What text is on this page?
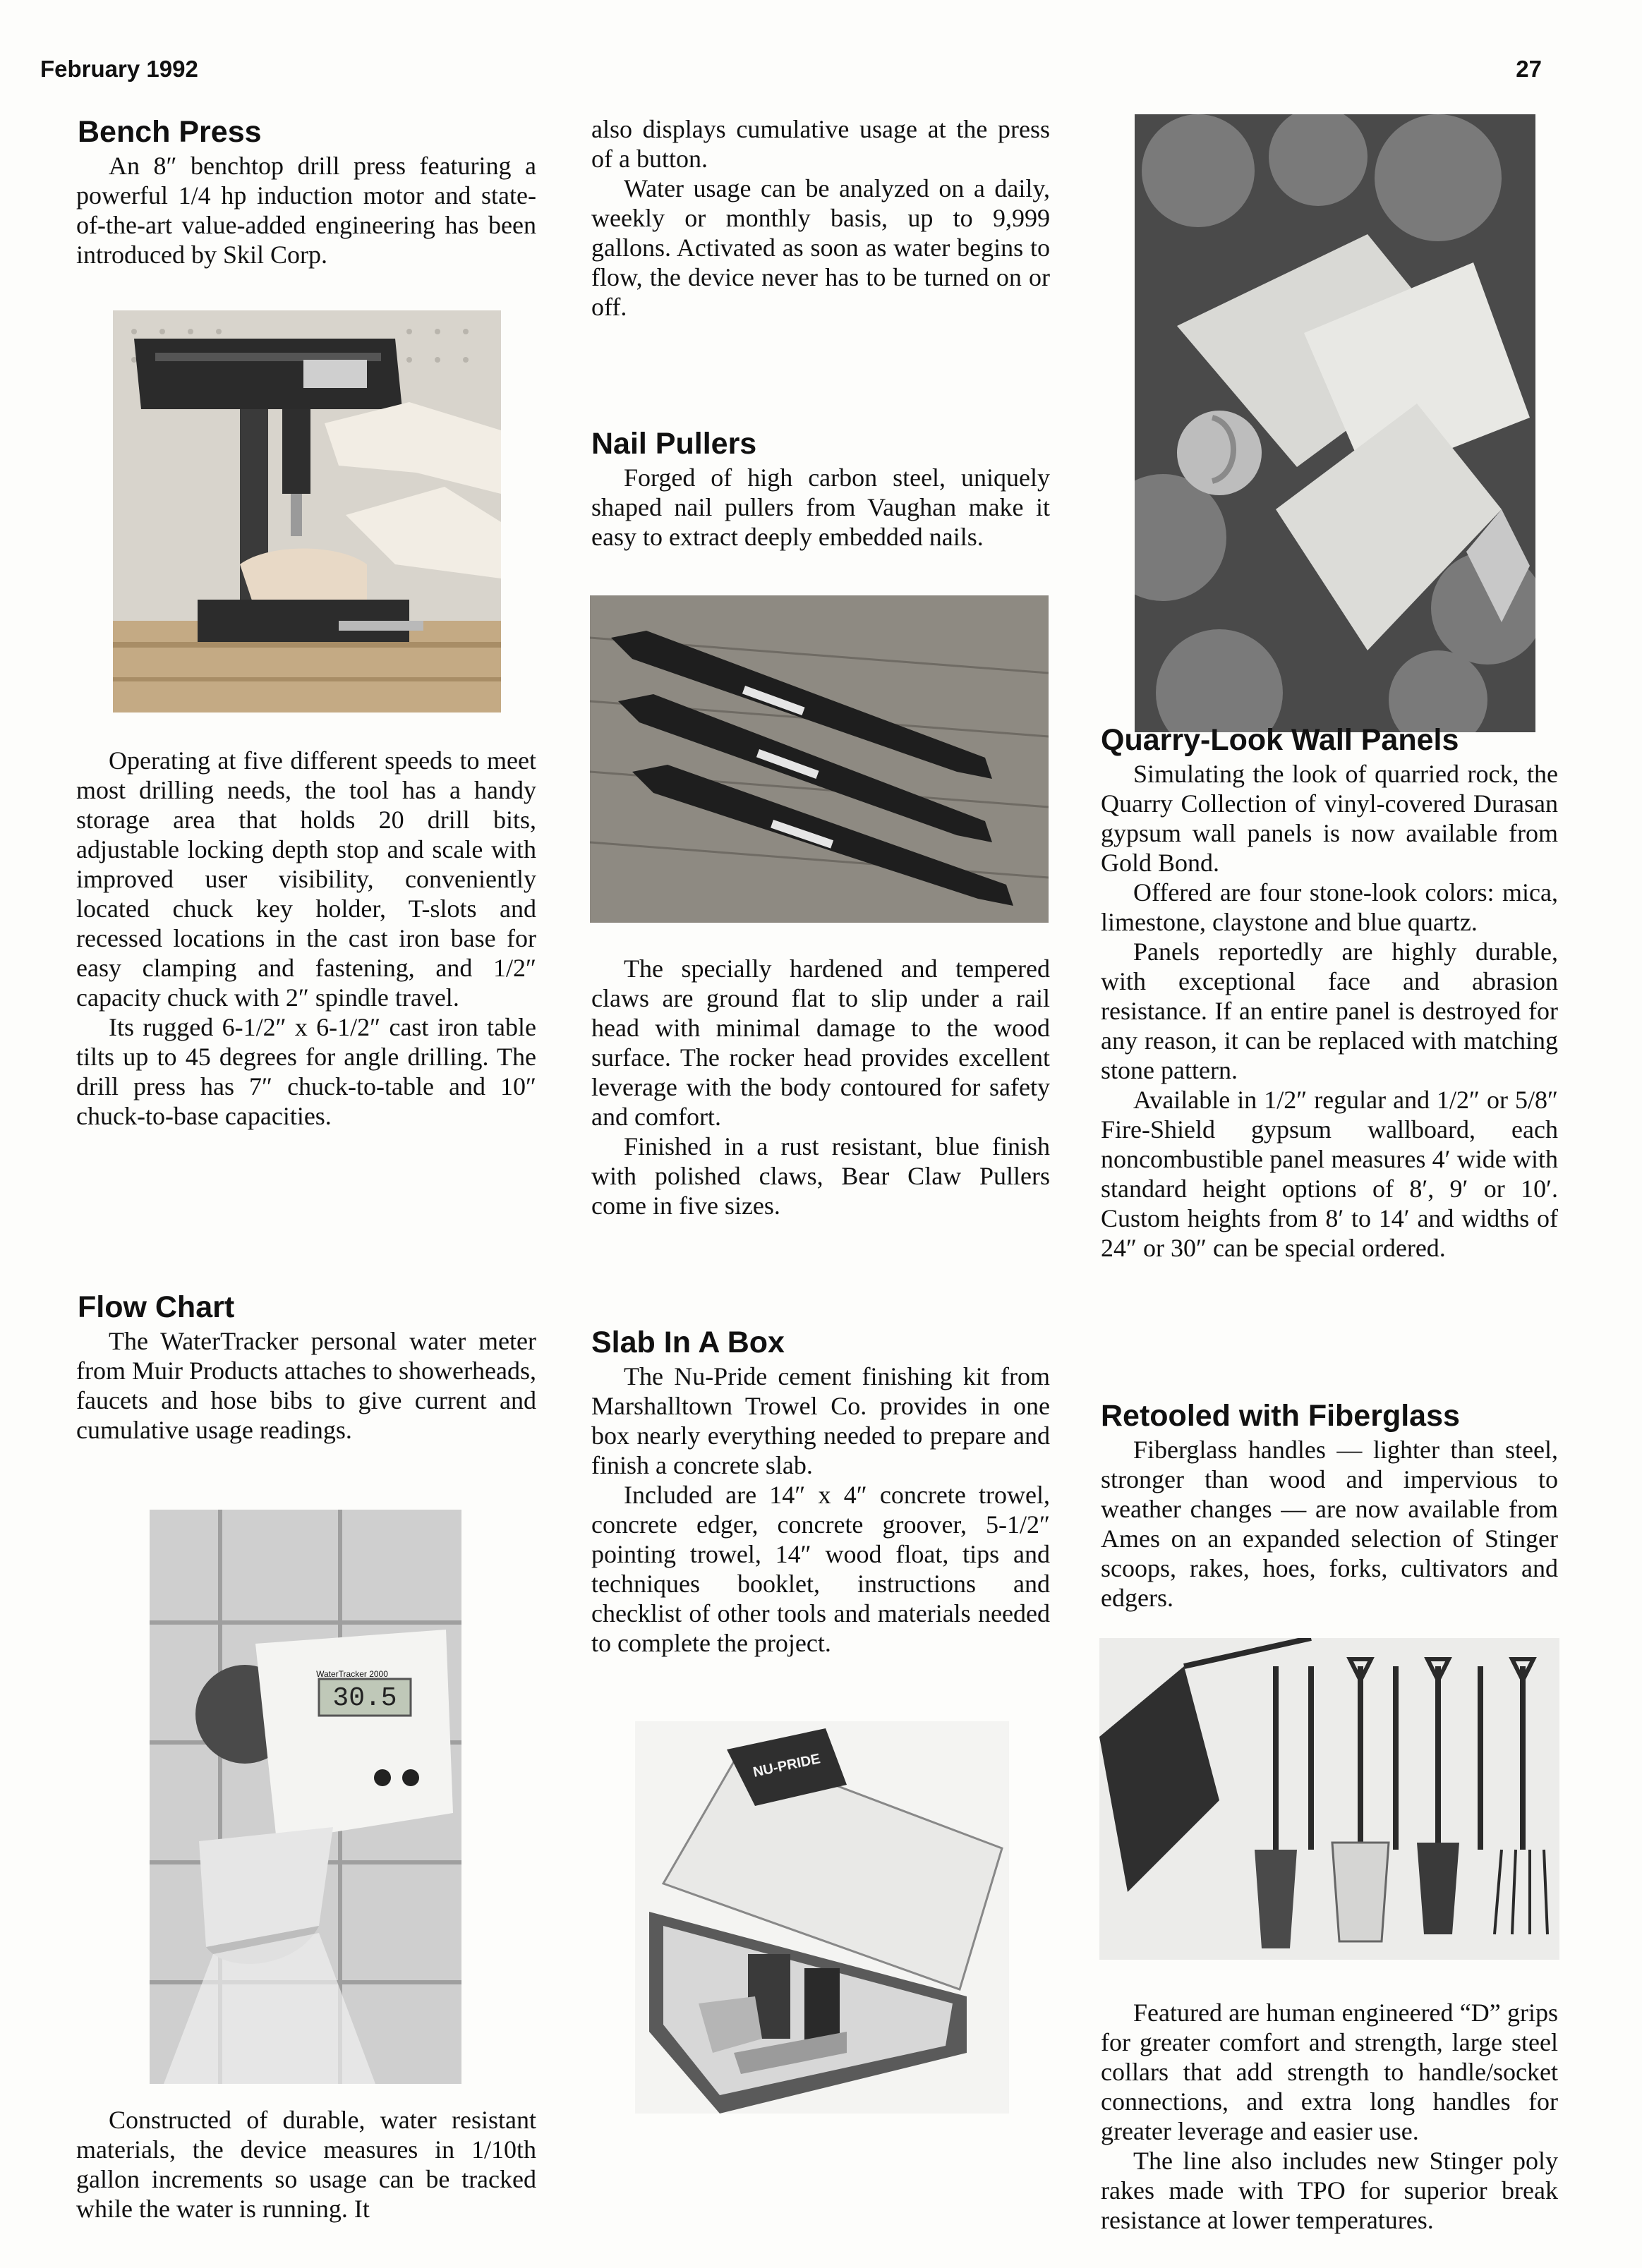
February 1992	27
Bench Press

An 8″ benchtop drill press featuring a powerful 1/4 hp induction motor and state-of-the-art value-added engineering has been introduced by Skil Corp.

Operating at five different speeds to meet most drilling needs, the tool has a handy storage area that holds 20 drill bits, adjustable locking depth stop and scale with improved user visibility, conveniently located chuck key holder, T-slots and recessed locations in the cast iron base for easy clamping and fastening, and 1/2″ capacity chuck with 2″ spindle travel.

Its rugged 6-1/2″ x 6-1/2″ cast iron table tilts up to 45 degrees for angle drilling. The drill press has 7″ chuck-to-table and 10″ chuck-to-base capacities.

Flow Chart

The WaterTracker personal water meter from Muir Products attaches to showerheads, faucets and hose bibs to give current and cumulative usage readings.

WaterTracker 2000
30.5

Constructed of durable, water resistant materials, the device measures in 1/10th gallon increments so usage can be tracked while the water is running. It

also displays cumulative usage at the press of a button.

Water usage can be analyzed on a daily, weekly or monthly basis, up to 9,999 gallons. Activated as soon as water begins to flow, the device never has to be turned on or off.

Nail Pullers

Forged of high carbon steel, uniquely shaped nail pullers from Vaughan make it easy to extract deeply embedded nails.

The specially hardened and tempered claws are ground flat to slip under a rail head with minimal damage to the wood surface. The rocker head provides excellent leverage with the body contoured for safety and comfort.

Finished in a rust resistant, blue finish with polished claws, Bear Claw Pullers come in five sizes.

Slab In A Box

The Nu-Pride cement finishing kit from Marshalltown Trowel Co. provides in one box nearly everything needed to prepare and finish a concrete slab.

Included are 14″ x 4″ concrete trowel, concrete edger, concrete groover, 5-1/2″ pointing trowel, 14″ wood float, tips and techniques booklet, instructions and checklist of other tools and materials needed to complete the project.

NU-PRIDE
Quarry-Look Wall Panels

Simulating the look of quarried rock, the Quarry Collection of vinyl-covered Durasan gypsum wall panels is now available from Gold Bond.

Offered are four stone-look colors: mica, limestone, claystone and blue quartz.

Panels reportedly are highly durable, with exceptional face and abrasion resistance. If an entire panel is destroyed for any reason, it can be replaced with matching stone pattern.

Available in 1/2″ regular and 1/2″ or 5/8″ Fire-Shield gypsum wallboard, each noncombustible panel measures 4′ wide with standard height options of 8′, 9′ or 10′. Custom heights from 8′ to 14′ and widths of 24″ or 30″ can be special ordered.

Retooled with Fiberglass

Fiberglass handles — lighter than steel, stronger than wood and impervious to weather changes — are now available from Ames on an expanded selection of Stinger scoops, rakes, hoes, forks, cultivators and edgers.

Featured are human engineered “D” grips for greater comfort and strength, large steel collars that add strength to handle/socket connections, and extra long handles for greater leverage and easier use.

The line also includes new Stinger poly rakes made with TPO for superior break resistance at lower temperatures.
